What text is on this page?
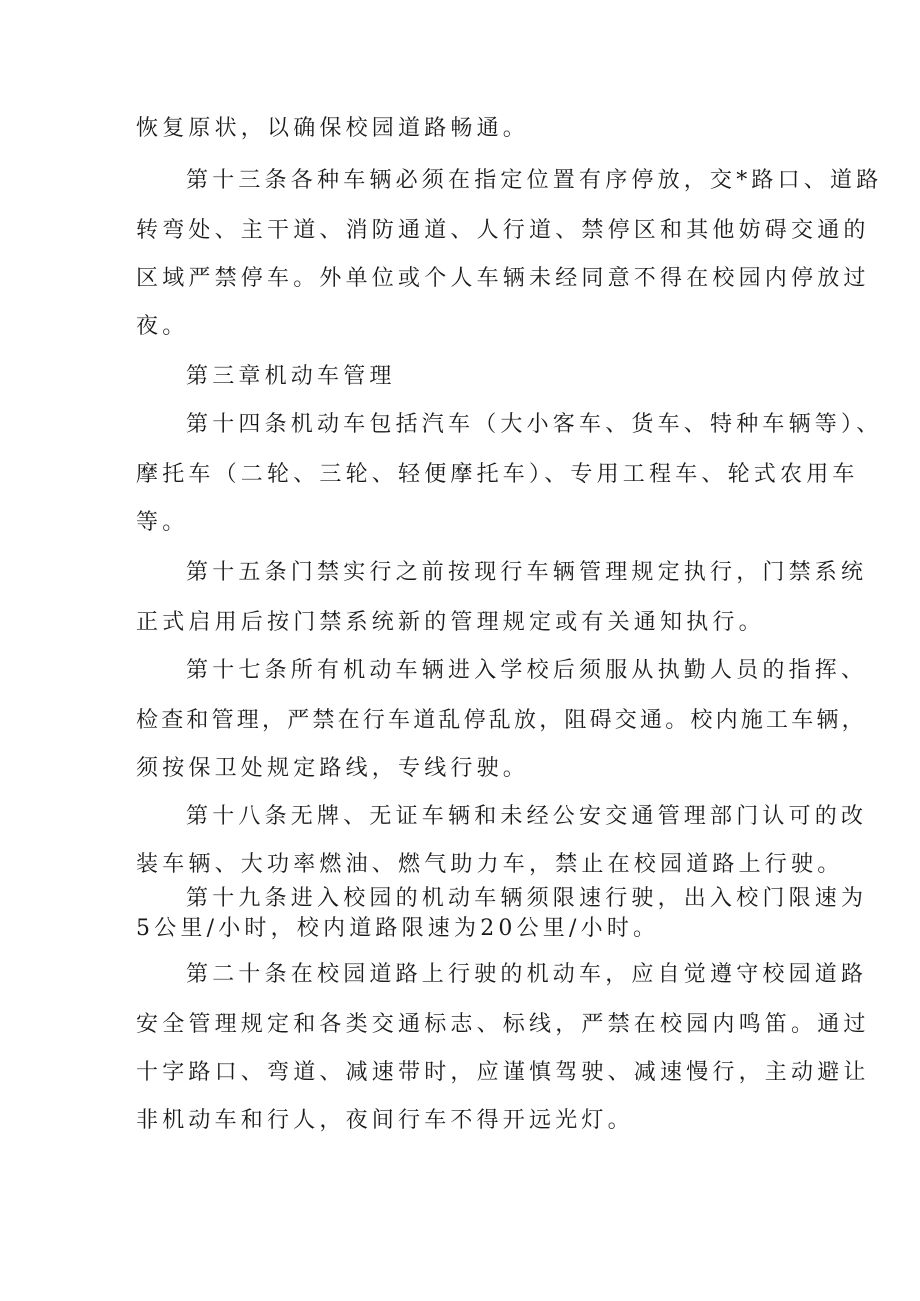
恢复原状，以确保校园道路畅通。
第十三条各种车辆必须在指定位置有序停放，交*路口、道路
转弯处、主干道、消防通道、人行道、禁停区和其他妨碍交通的
区域严禁停车。外单位或个人车辆未经同意不得在校园内停放过
夜。
第三章机动车管理
第十四条机动车包括汽车（大小客车、货车、特种车辆等）、
摩托车（二轮、三轮、轻便摩托车）、专用工程车、轮式农用车
等。
第十五条门禁实行之前按现行车辆管理规定执行，门禁系统
正式启用后按门禁系统新的管理规定或有关通知执行。
第十七条所有机动车辆进入学校后须服从执勤人员的指挥、
检查和管理，严禁在行车道乱停乱放，阻碍交通。校内施工车辆，
须按保卫处规定路线，专线行驶。
第十八条无牌、无证车辆和未经公安交通管理部门认可的改
装车辆、大功率燃油、燃气助力车，禁止在校园道路上行驶。
第十九条进入校园的机动车辆须限速行驶，出入校门限速为
5公里/小时，校内道路限速为20公里/小时。
第二十条在校园道路上行驶的机动车，应自觉遵守校园道路
安全管理规定和各类交通标志、标线，严禁在校园内鸣笛。通过
十字路口、弯道、减速带时，应谨慎驾驶、减速慢行，主动避让
非机动车和行人，夜间行车不得开远光灯。
